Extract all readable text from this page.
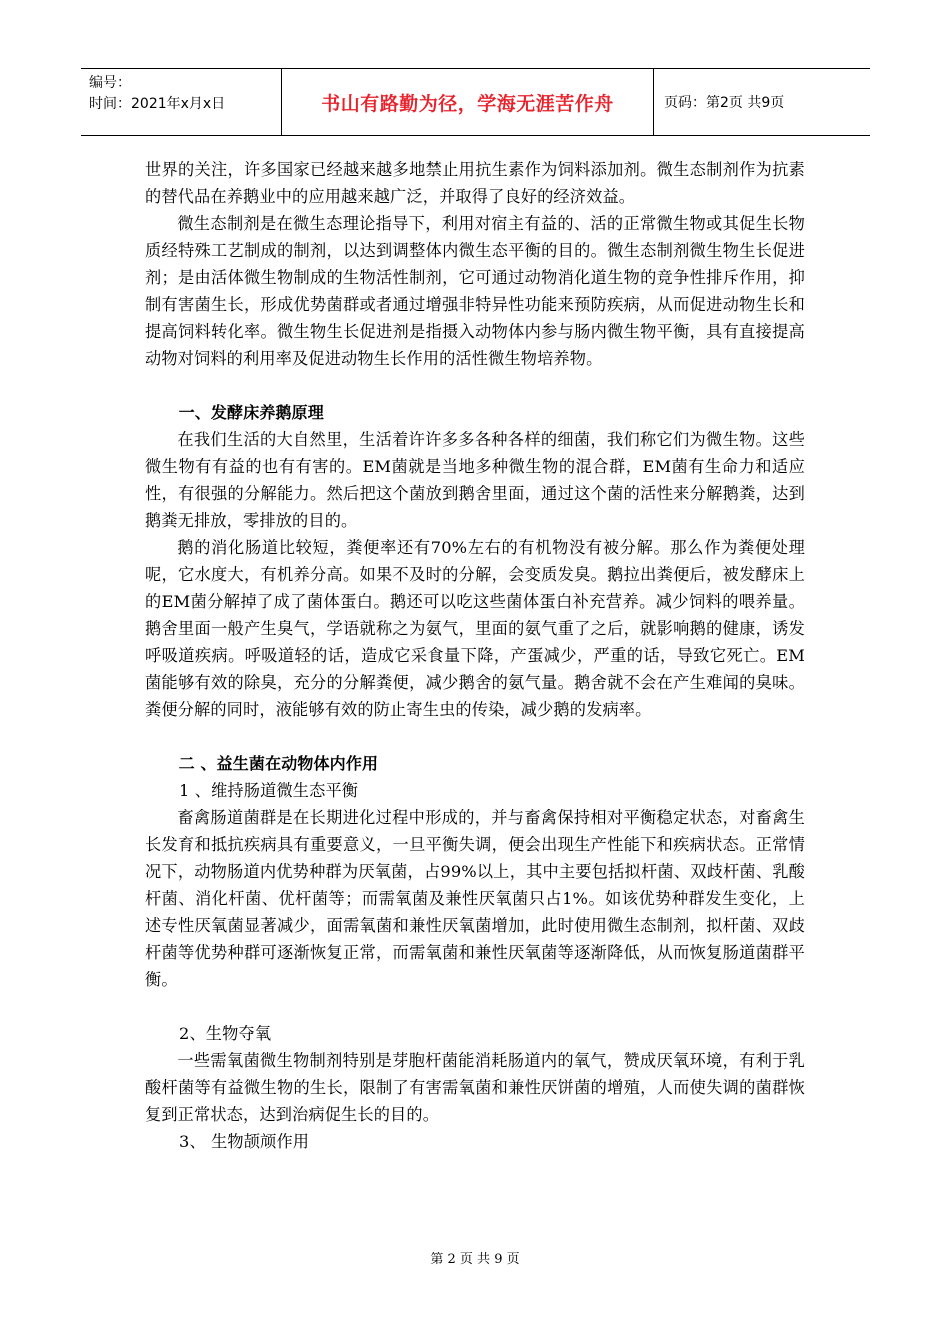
编号：
时间：2021年x月x日	书山有路勤为径，学海无涯苦作舟	页码：第2页 共9页

世界的关注，许多国家已经越来越多地禁止用抗生素作为饲料添加剂。微生态制剂作为抗素的替代品在养鹅业中的应用越来越广泛，并取得了良好的经济效益。

微生态制剂是在微生态理论指导下，利用对宿主有益的、活的正常微生物或其促生长物质经特殊工艺制成的制剂，以达到调整体内微生态平衡的目的。微生态制剂微生物生长促进剂；是由活体微生物制成的生物活性制剂，它可通过动物消化道生物的竞争性排斥作用，抑制有害菌生长，形成优势菌群或者通过增强非特异性功能来预防疾病，从而促进动物生长和提高饲料转化率。微生物生长促进剂是指摄入动物体内参与肠内微生物平衡，具有直接提高动物对饲料的利用率及促进动物生长作用的活性微生物培养物。

一、发酵床养鹅原理

在我们生活的大自然里，生活着许许多多各种各样的细菌，我们称它们为微生物。这些微生物有有益的也有有害的。EM菌就是当地多种微生物的混合群，EM菌有生命力和适应性，有很强的分解能力。然后把这个菌放到鹅舍里面，通过这个菌的活性来分解鹅粪，达到鹅粪无排放，零排放的目的。

鹅的消化肠道比较短，粪便率还有70%左右的有机物没有被分解。那么作为粪便处理呢，它水度大，有机养分高。如果不及时的分解，会变质发臭。鹅拉出粪便后，被发酵床上的EM菌分解掉了成了菌体蛋白。鹅还可以吃这些菌体蛋白补充营养。减少饲料的喂养量。鹅舍里面一般产生臭气，学语就称之为氨气，里面的氨气重了之后，就影响鹅的健康，诱发呼吸道疾病。呼吸道轻的话，造成它采食量下降，产蛋减少，严重的话，导致它死亡。EM菌能够有效的除臭，充分的分解粪便，减少鹅舍的氨气量。鹅舍就不会在产生难闻的臭味。粪便分解的同时，液能够有效的防止寄生虫的传染，减少鹅的发病率。

二 、益生菌在动物体内作用

1 、维持肠道微生态平衡

畜禽肠道菌群是在长期进化过程中形成的，并与畜禽保持相对平衡稳定状态，对畜禽生长发育和抵抗疾病具有重要意义，一旦平衡失调，便会出现生产性能下和疾病状态。正常情况下，动物肠道内优势种群为厌氧菌，占99%以上，其中主要包括拟杆菌、双歧杆菌、乳酸杆菌、消化杆菌、优杆菌等；而需氧菌及兼性厌氧菌只占1%。如该优势种群发生变化，上述专性厌氧菌显著减少，面需氧菌和兼性厌氧菌增加，此时使用微生态制剂，拟杆菌、双歧杆菌等优势种群可逐渐恢复正常，而需氧菌和兼性厌氧菌等逐渐降低，从而恢复肠道菌群平衡。

2、生物夺氧

一些需氧菌微生物制剂特别是芽胞杆菌能消耗肠道内的氧气，赞成厌氧环境，有利于乳酸杆菌等有益微生物的生长，限制了有害需氧菌和兼性厌饼菌的增殖，人而使失调的菌群恢复到正常状态，达到治病促生长的目的。

3、 生物颉颃作用

第 2 页 共 9 页
